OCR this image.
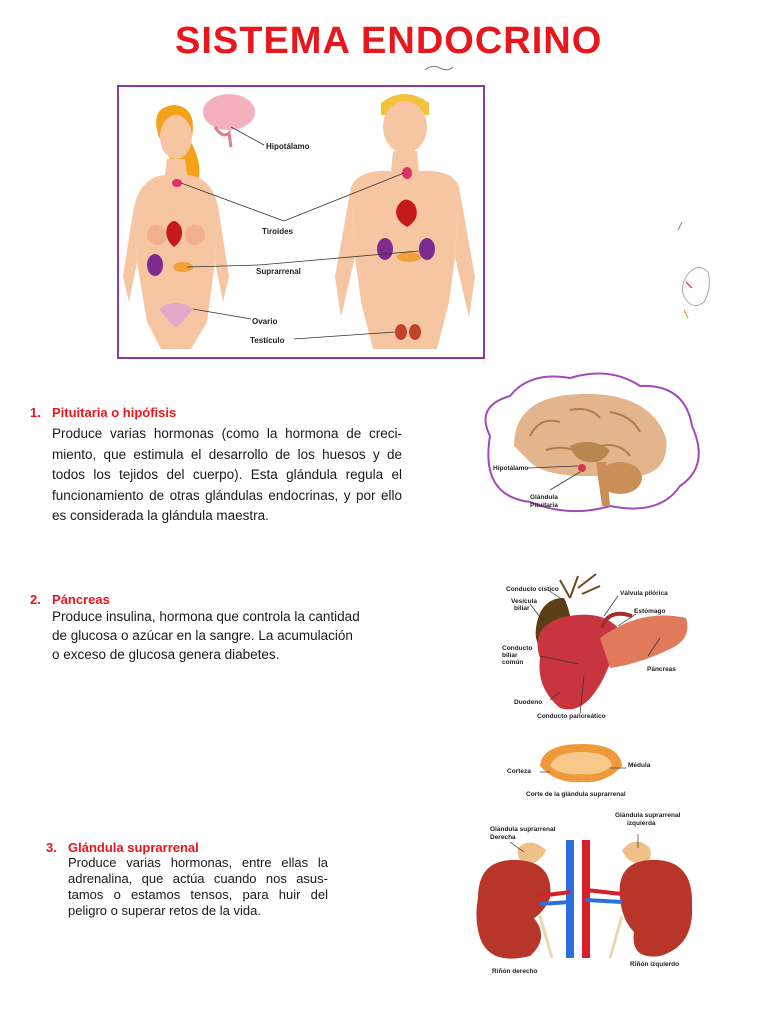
SISTEMA ENDOCRINO
Hipotálamo
Tiroides
Suprarrenal
Ovario
Testículo
1. Pituitaria o hipófisis
Produce varias hormonas (como la hormona de creci-miento, que estimula el desarrollo de los huesos y de todos los tejidos del cuerpo). Esta glándula regula el funcionamiento de otras glándulas endocrinas, y por ello es considerada la glándula maestra.
Hipotálamo
Glándula
Pituitaria
2. Páncreas
Produce insulina, hormona que controla la cantidad de glucosa o azúcar en la sangre. La acumulación o exceso de glucosa genera diabetes.
Conducto cístico
Vesícula
biliar
Válvula pilórica
Estómago
Conducto
biliar
común
Páncreas
Duodeno
Conducto pancreático
Corteza
Médula
Corte de la glándula suprarrenal
3. Glándula suprarrenal
Produce varias hormonas, entre ellas la adrenalina, que actúa cuando nos asus-tamos o estamos tensos, para huir del peligro o superar retos de la vida.
Glándula suprarrenal
Derecha
Glándula suprarrenal
izquierda
Riñón derecho
Riñón izquierdo
